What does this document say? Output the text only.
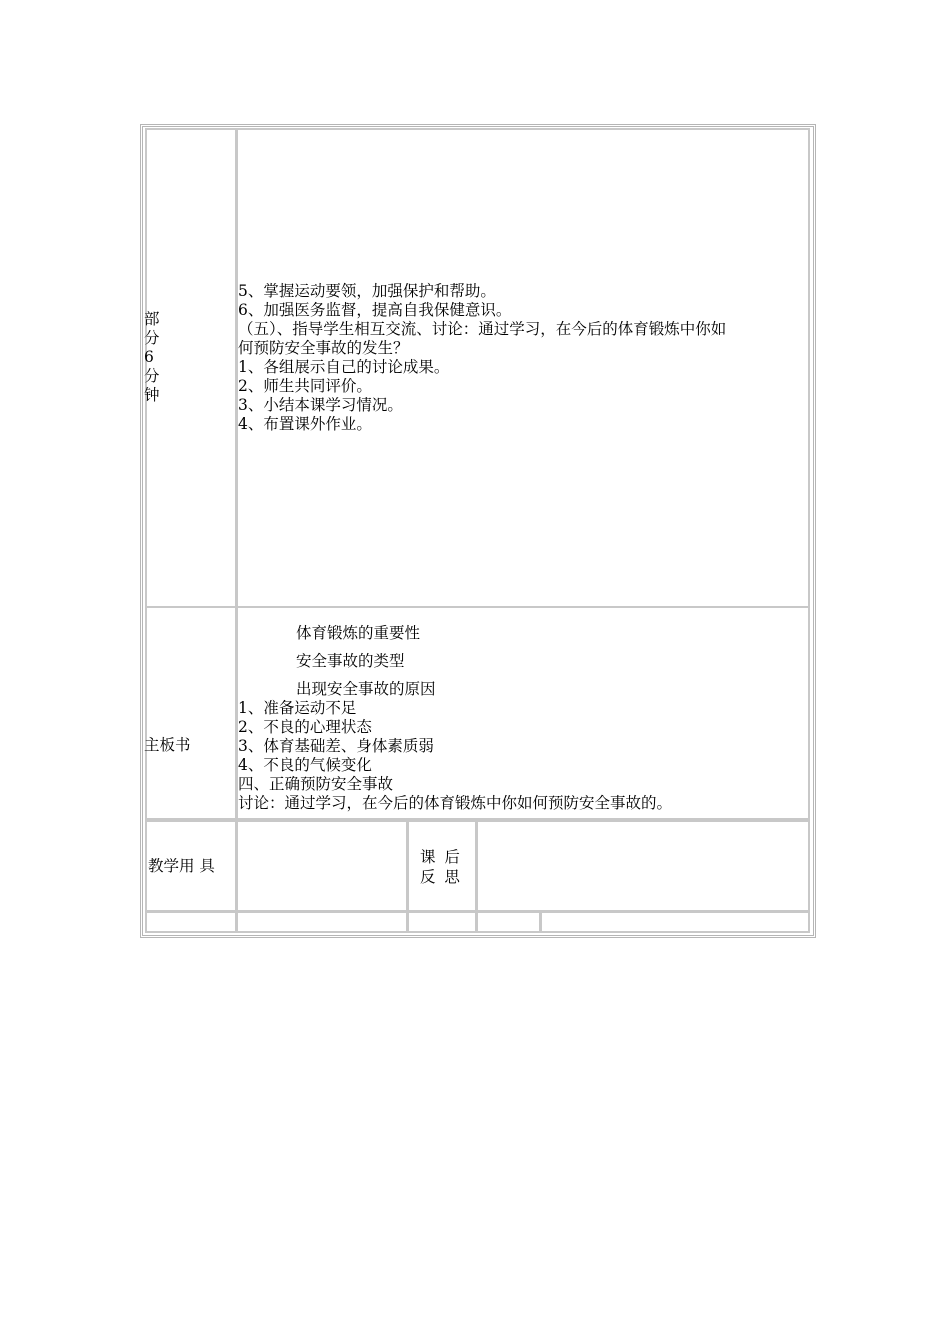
部
分
6
分
钟
5、掌握运动要领，加强保护和帮助。
6、加强医务监督，提高自我保健意识。
（五）、指导学生相互交流、讨论：通过学习，在今后的体育锻炼中你如
何预防安全事故的发生？
1、各组展示自己的讨论成果。
2、师生共同评价。
3、小结本课学习情况。
4、布置课外作业。
主板书
体育锻炼的重要性
安全事故的类型
出现安全事故的原因
1、准备运动不足
2、不良的心理状态
3、体育基础差、身体素质弱
4、不良的气候变化
四、正确预防安全事故
讨论：通过学习，在今后的体育锻炼中你如何预防安全事故的。
教学用 具	课 后
反 思
